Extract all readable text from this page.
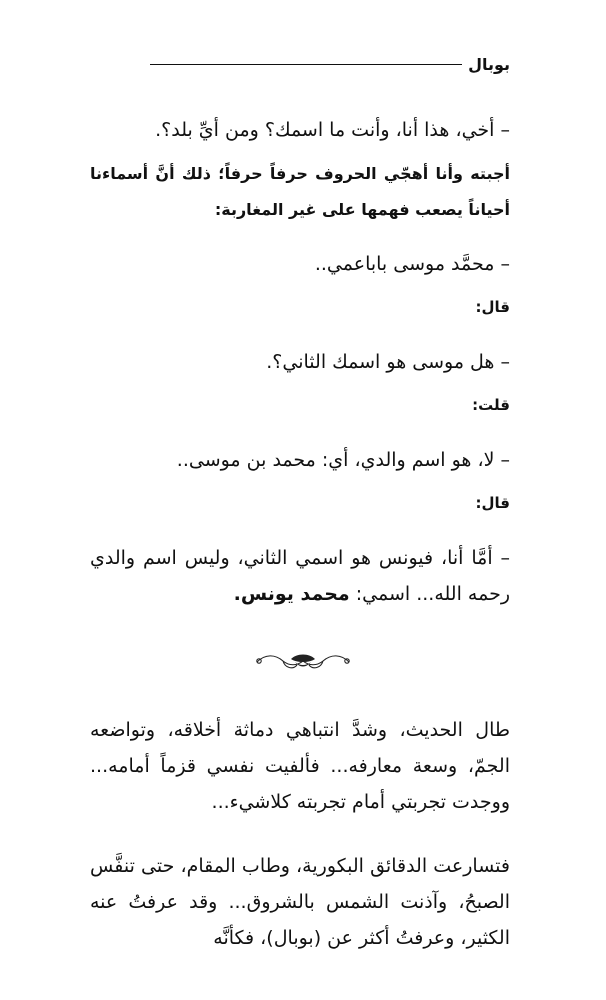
بوبال

– أخي، هذا أنا، وأنت ما اسمك؟ ومن أيِّ بلد؟.

أجبته وأنا أهجّي الحروف حرفاً حرفاً؛ ذلك أنَّ أسماءنا أحياناً يصعب فهمها على غير المغاربة:

– محمَّد موسى باباعمي..

قال:

– هل موسى هو اسمك الثاني؟.

قلت:

– لا، هو اسم والدي، أي: محمد بن موسى..

قال:

– أمَّا أنا، فيونس هو اسمي الثاني، وليس اسم والدي رحمه الله... اسمي: محمد يونس.

طال الحديث، وشدَّ انتباهي دماثة أخلاقه، وتواضعه الجمّ، وسعة معارفه... فألفيت نفسي قزماً أمامه... ووجدت تجربتي أمام تجربته كلاشيء...

فتسارعت الدقائق البكورية، وطاب المقام، حتى تنفَّس الصبحُ، وآذنت الشمس بالشروق... وقد عرفتُ عنه الكثير، وعرفتُ أكثر عن (بوبال)، فكأنَّه
